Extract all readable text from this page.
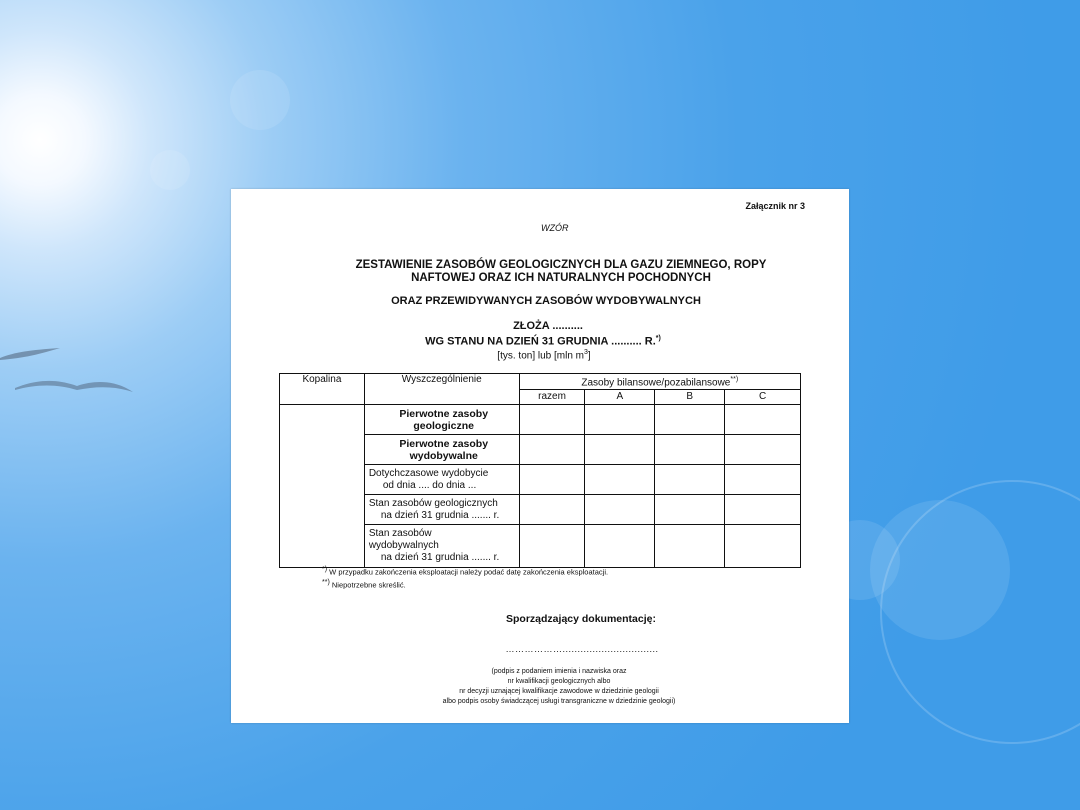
Załącznik nr 3
WZÓR
ZESTAWIENIE ZASOBÓW GEOLOGICZNYCH DLA GAZU ZIEMNEGO, ROPY
NAFTOWEJ ORAZ ICH NATURALNYCH POCHODNYCH
ORAZ PRZEWIDYWANYCH ZASOBÓW WYDOBYWALNYCH
ZŁOŻA ..........
WG STANU NA DZIEŃ 31 GRUDNIA .......... R.*)
[tys. ton] lub [mln $m^3$]
Kopalina	Wyszczególnienie	Zasoby bilansowe/pozabilansowe**)
		razem	A	B	C

	Pierwotne zasoby
geologiczne				

	Pierwotne zasoby
wydobywalne				

	Dotychczasowe wydobycie
od dnia .... do dnia ...				

	Stan zasobów geologicznych
na dzień 31 grudnia ....... r.				

	Stan zasobów
wydobywalnych
na dzień 31 grudnia ....... r.				

*) W przypadku zakończenia eksploatacji należy podać datę zakończenia eksploatacji.
**) Niepotrzebne skreślić.
Sporządzający dokumentację:
………………................................
(podpis z podaniem imienia i nazwiska oraz
nr kwalifikacji geologicznych albo
nr decyzji uznającej kwalifikacje zawodowe w dziedzinie geologii
albo podpis osoby świadczącej usługi transgraniczne w dziedzinie geologii)
